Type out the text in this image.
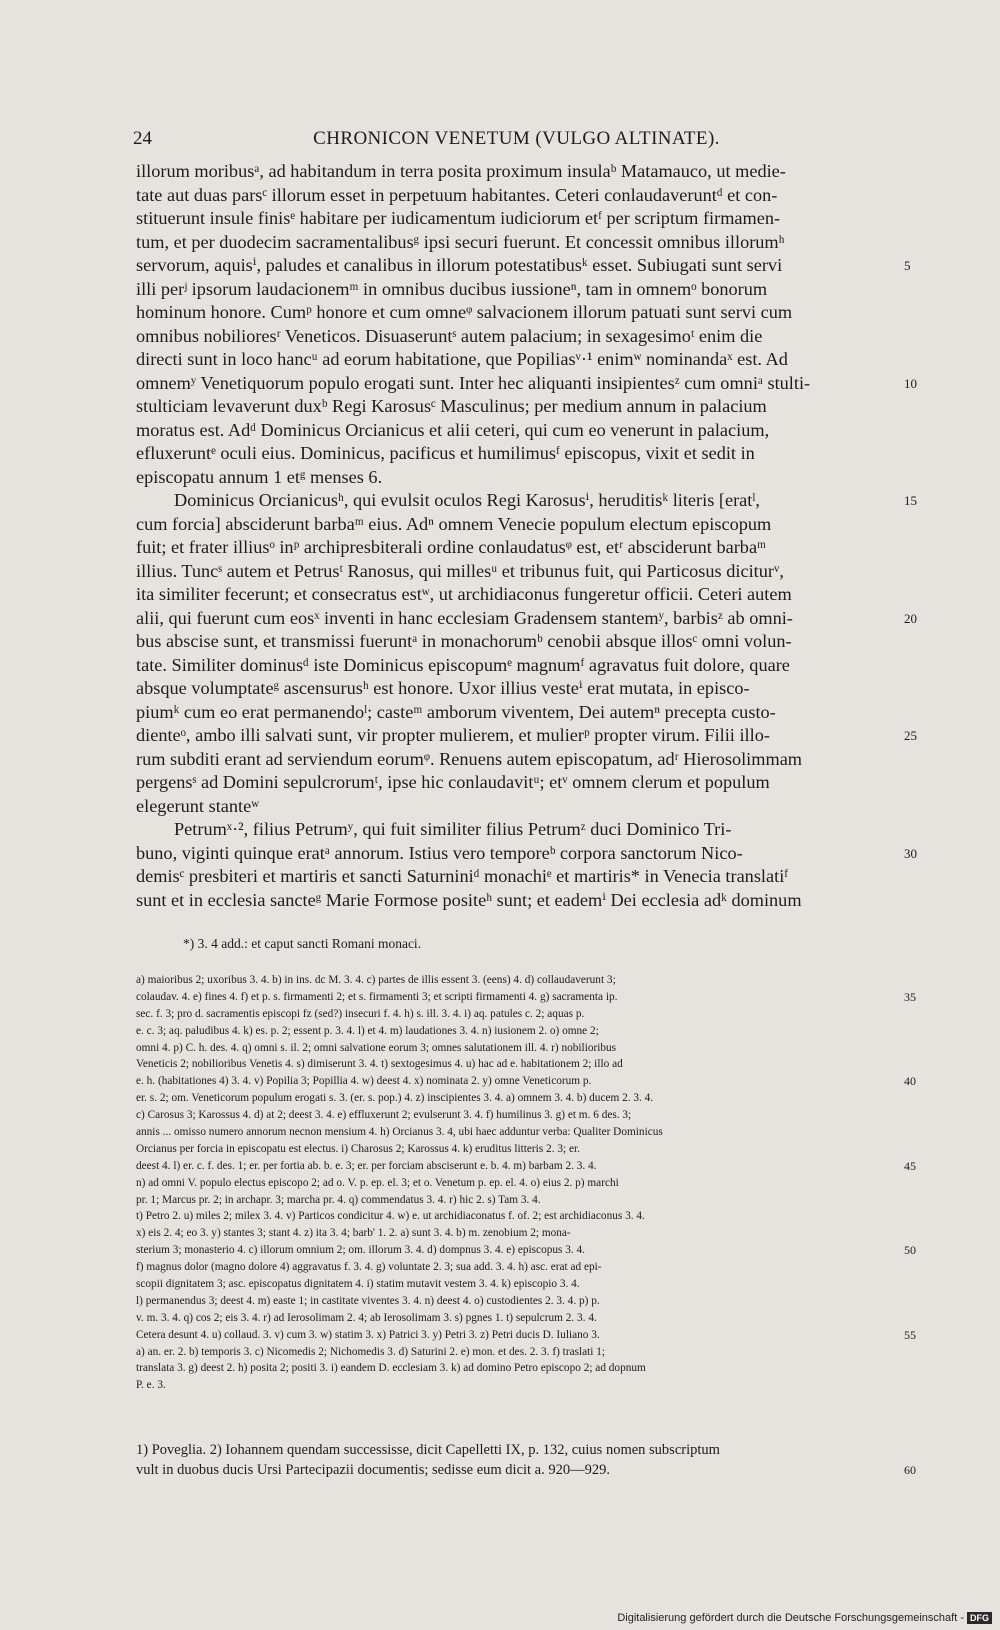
24	CHRONICON VENETUM (VULGO ALTINATE).
illorum moribusᵃ, ad habitandum in terra posita proximum insulaᵇ Matamauco, ut medie-
tate aut duas parsᶜ illorum esset in perpetuum habitantes. Ceteri conlaudaveruntᵈ et con-
stituerunt insule finisᵉ habitare per iudicamentum iudiciorum etᶠ per scriptum firmamen-
tum, et per duodecim sacramentalibusᵍ ipsi securi fuerunt. Et concessit omnibus illorumʰ
servorum, aquisⁱ, paludes et canalibus in illorum potestatibusᵏ esset. Subiugati sunt servi	5
illi perʲ ipsorum laudacionemᵐ in omnibus ducibus iussioneⁿ, tam in omnemᵒ bonorum
hominum honore. Cumᵖ honore et cum omneᵠ salvacionem illorum patuati sunt servi cum
omnibus nobilioresʳ Veneticos. Disuaseruntˢ autem palacium; in sexagesimoᵗ enim die
directi sunt in loco hancᵘ ad eorum habitatione, que Popiliasᵛ·¹ enimʷ nominandaˣ est. Ad
omnemʸ Venetiquorum populo erogati sunt. Inter hec aliquanti insipientesᶻ cum omniᵃ stulti-	10
stulticiam levaverunt duxᵇ Regi Karosusᶜ Masculinus; per medium annum in palacium
moratus est. Adᵈ Dominicus Orcianicus et alii ceteri, qui cum eo venerunt in palacium,
efluxeruntᵉ oculi eius. Dominicus, pacificus et humilimusᶠ episcopus, vixit et sedit in
episcopatu annum 1 etᵍ menses 6.
Dominicus Orcianicusʰ, qui evulsit oculos Regi Karosusⁱ, heruditisᵏ literis [eratˡ,	15
cum forcia] absciderunt barbaᵐ eius. Adⁿ omnem Venecie populum electum episcopum
fuit; et frater illiusᵒ inᵖ archipresbiterali ordine conlaudatusᵠ est, etʳ absciderunt barbaᵐ
illius. Tuncˢ autem et Petrusᵗ Ranosus, qui millesᵘ et tribunus fuit, qui Particosus diciturᵛ,
ita similiter fecerunt; et consecratus estʷ, ut archidiaconus fungeretur officii. Ceteri autem
alii, qui fuerunt cum eosˣ inventi in hanc ecclesiam Gradensem stantemʸ, barbisᶻ ab omni-	20
bus abscise sunt, et transmissi fueruntᵃ in monachorumᵇ cenobii absque illosᶜ omni volun-
tate. Similiter dominusᵈ iste Dominicus episcopumᵉ magnumᶠ agravatus fuit dolore, quare
absque volumptateᵍ ascensurusʰ est honore. Uxor illius vesteⁱ erat mutata, in episco-
piumᵏ cum eo erat permanendoˡ; casteᵐ amborum viventem, Dei autemⁿ precepta custo-
dienteᵒ, ambo illi salvati sunt, vir propter mulierem, et mulierᵖ propter virum. Filii illo-	25
rum subditi erant ad serviendum eorumᵠ. Renuens autem episcopatum, adʳ Hierosolimmam
pergensˢ ad Domini sepulcrorumᵗ, ipse hic conlaudavitᵘ; etᵛ omnem clerum et populum
elegerunt stanteʷ
Petrumˣ·², filius Petrumʸ, qui fuit similiter filius Petrumᶻ duci Dominico Tri-
buno, viginti quinque eratᵃ annorum. Istius vero temporeᵇ corpora sanctorum Nico-	30
demisᶜ presbiteri et martiris et sancti Saturniniᵈ monachiᵉ et martiris* in Venecia translatiᶠ
sunt et in ecclesia sancteᵍ Marie Formose positeʰ sunt; et eademⁱ Dei ecclesia adᵏ dominum
*) 3. 4 add.: et caput sancti Romani monaci.
a) maioribus 2; uxoribus 3. 4. b) in ins. dc M. 3. 4. c) partes de illis essent 3. (eens) 4. d) collaudaverunt 3;
colaudav. 4. e) fines 4. f) et p. s. firmamenti 2; et s. firmamenti 3; et scripti firmamenti 4. g) sacramenta ip.	35
sec. f. 3; pro d. sacramentis episcopi fz (sed?) insecuri f. 4. h) s. ill. 3. 4. i) aq. patules c. 2; aquas p.
e. c. 3; aq. paludibus 4. k) es. p. 2; essent p. 3. 4. l) et 4. m) laudationes 3. 4. n) iusionem 2. o) omne 2;
omni 4. p) C. h. des. 4. q) omni s. il. 2; omni salvatione eorum 3; omnes salutationem ill. 4. r) nobilioribus
Veneticis 2; nobilioribus Venetis 4. s) dimiserunt 3. 4. t) sextogesimus 4. u) hac ad e. habitationem 2; illo ad
e. h. (habitationes 4) 3. 4. v) Popilia 3; Popillia 4. w) deest 4. x) nominata 2. y) omne Veneticorum p.	40
er. s. 2; om. Veneticorum populum erogati s. 3. (er. s. pop.) 4. z) inscipientes 3. 4. a) omnem 3. 4. b) ducem 2. 3. 4.
c) Carosus 3; Karossus 4. d) at 2; deest 3. 4. e) effluxerunt 2; evulserunt 3. 4. f) humilinus 3. g) et m. 6 des. 3;
annis ... omisso numero annorum necnon mensium 4. h) Orcianus 3. 4, ubi haec adduntur verba: Qualiter Dominicus
Orcianus per forcia in episcopatu est electus. i) Charosus 2; Karossus 4. k) eruditus litteris 2. 3; er.
deest 4. l) er. c. f. des. 1; er. per fortia ab. b. e. 3; er. per forciam absciserunt e. b. 4. m) barbam 2. 3. 4.	45
n) ad omni V. populo electus episcopo 2; ad o. V. p. ep. el. 3; et o. Venetum p. ep. el. 4. o) eius 2. p) marchi
pr. 1; Marcus pr. 2; in archapr. 3; marcha pr. 4. q) commendatus 3. 4. r) hic 2. s) Tam 3. 4.
t) Petro 2. u) miles 2; milex 3. 4. v) Particos condicitur 4. w) e. ut archidiaconatus f. of. 2; est archidiaconus 3. 4.
x) eis 2. 4; eo 3. y) stantes 3; stant 4. z) ita 3. 4; barb' 1. 2. a) sunt 3. 4. b) m. zenobium 2; mona-
sterium 3; monasterio 4. c) illorum omnium 2; om. illorum 3. 4. d) dompnus 3. 4. e) episcopus 3. 4.	50
f) magnus dolor (magno dolore 4) aggravatus f. 3. 4. g) voluntate 2. 3; sua add. 3. 4. h) asc. erat ad epi-
scopii dignitatem 3; asc. episcopatus dignitatem 4. i) statim mutavit vestem 3. 4. k) episcopio 3. 4.
l) permanendus 3; deest 4. m) easte 1; in castitate viventes 3. 4. n) deest 4. o) custodientes 2. 3. 4. p) p.
v. m. 3. 4. q) cos 2; eis 3. 4. r) ad Ierosolimam 2. 4; ab Ierosolimam 3. s) pgnes 1. t) sepulcrum 2. 3. 4.
Cetera desunt 4. u) collaud. 3. v) cum 3. w) statim 3. x) Patrici 3. y) Petri 3. z) Petri ducis D. Iuliano 3.	55
a) an. er. 2. b) temporis 3. c) Nicomedis 2; Nichomedis 3. d) Saturini 2. e) mon. et des. 2. 3. f) traslati 1;
translata 3. g) deest 2. h) posita 2; positi 3. i) eandem D. ecclesiam 3. k) ad domino Petro episcopo 2; ad dopnum
P. e. 3.
1) Poveglia. 2) Iohannem quendam successisse, dicit Capelletti IX, p. 132, cuius nomen subscriptum
vult in duobus ducis Ursi Partecipazii documentis; sedisse eum dicit a. 920—929.	60
Digitalisierung gefördert durch die Deutsche Forschungsgemeinschaft - DFG
